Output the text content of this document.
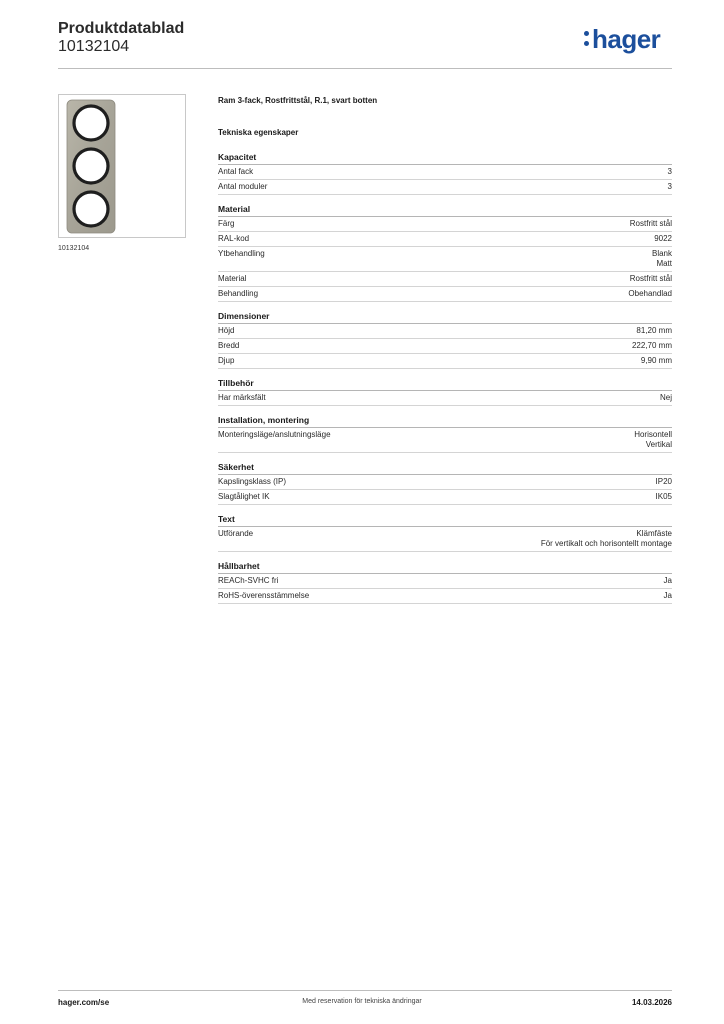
Produktdatablad
10132104	hager
10132104
Ram 3-fack, Rostfrittstål, R.1, svart botten
Tekniska egenskaper
Kapacitet
Antal fack	3
Antal moduler	3
Material
Färg	Rostfritt stål
RAL-kod	9022
Ytbehandling	Blank
Matt
Material	Rostfritt stål
Behandling	Obehandlad
Dimensioner
Höjd	81,20 mm
Bredd	222,70 mm
Djup	9,90 mm
Tillbehör
Har märksfält	Nej
Installation, montering
Monteringsläge/anslutningsläge	Horisontell
Vertikal
Säkerhet
Kapslingsklass (IP)	IP20
Slagtålighet IK	IK05
Text
Utförande	Klämfäste
För vertikalt och horisontellt montage
Hållbarhet
REACh-SVHC fri	Ja
RoHS-överensstämmelse	Ja
hager.com/se	Med reservation för tekniska ändringar	14.03.2026
